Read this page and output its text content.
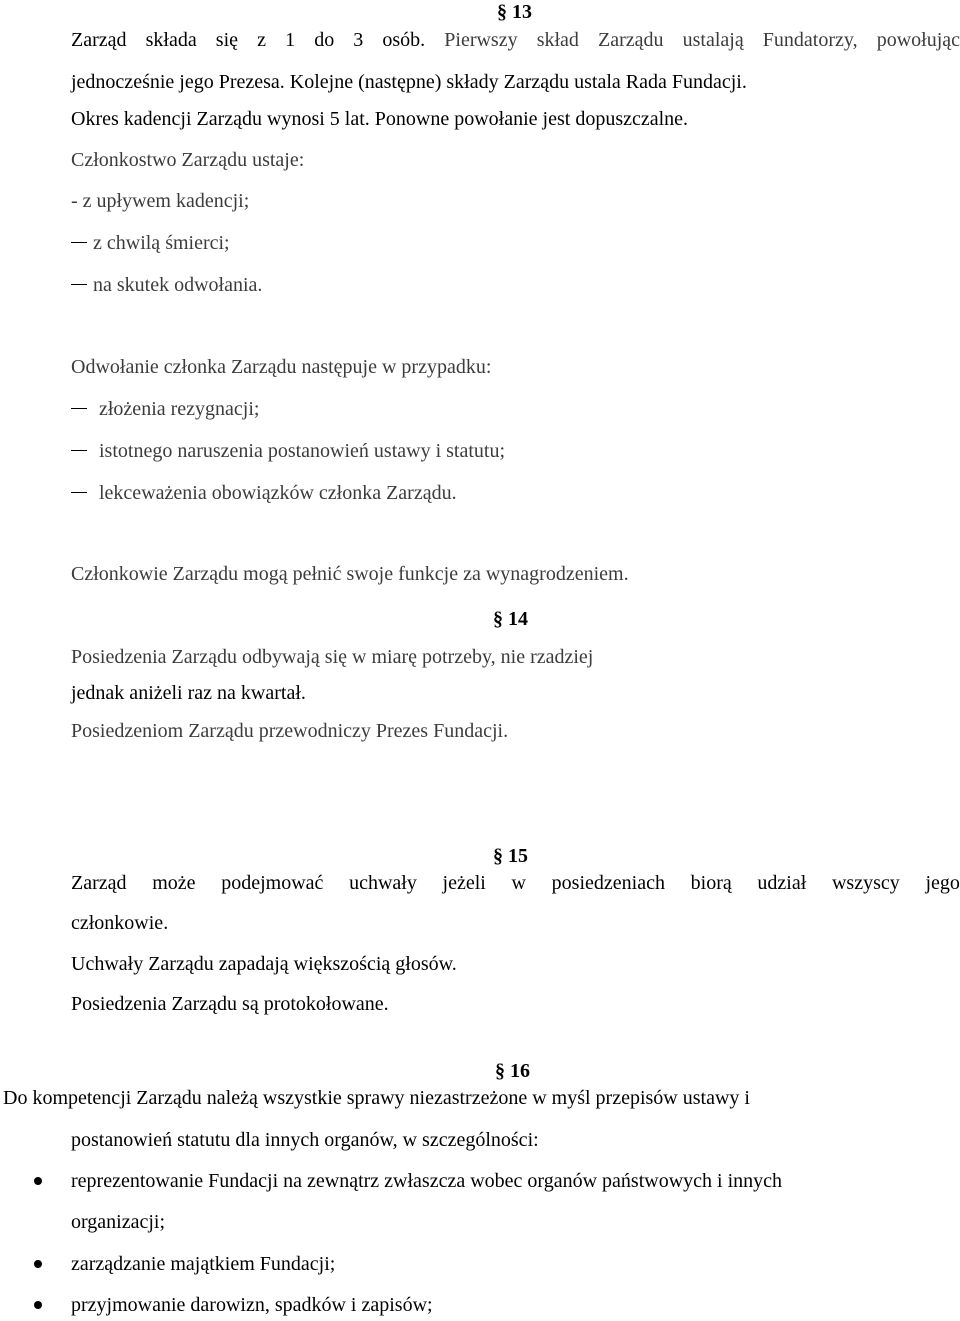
§ 13
Zarząd składa się z 1 do 3 osób. Pierwszy skład Zarządu ustalają Fundatorzy, powołując
jednocześnie jego Prezesa. Kolejne (następne) składy Zarządu ustala Rada Fundacji.
Okres kadencji Zarządu wynosi 5 lat. Ponowne powołanie jest dopuszczalne.
Członkostwo Zarządu ustaje:
- z upływem kadencji;
z chwilą śmierci;
na skutek odwołania.
Odwołanie członka Zarządu następuje w przypadku:
złożenia rezygnacji;
istotnego naruszenia postanowień ustawy i statutu;
lekceważenia obowiązków członka Zarządu.
Członkowie Zarządu mogą pełnić swoje funkcje za wynagrodzeniem.
§ 14
Posiedzenia Zarządu odbywają się w miarę potrzeby, nie rzadziej
jednak aniżeli raz na kwartał.
Posiedzeniom Zarządu przewodniczy Prezes Fundacji.
§ 15
Zarząd może podejmować uchwały jeżeli w posiedzeniach biorą udział wszyscy jego
członkowie.
Uchwały Zarządu zapadają większością głosów.
Posiedzenia Zarządu są protokołowane.
§ 16
Do kompetencji Zarządu należą wszystkie sprawy niezastrzeżone w myśl przepisów ustawy i
postanowień statutu dla innych organów, w szczególności:
reprezentowanie Fundacji na zewnątrz zwłaszcza wobec organów państwowych i innych
organizacji;
zarządzanie majątkiem Fundacji;
przyjmowanie darowizn, spadków i zapisów;
